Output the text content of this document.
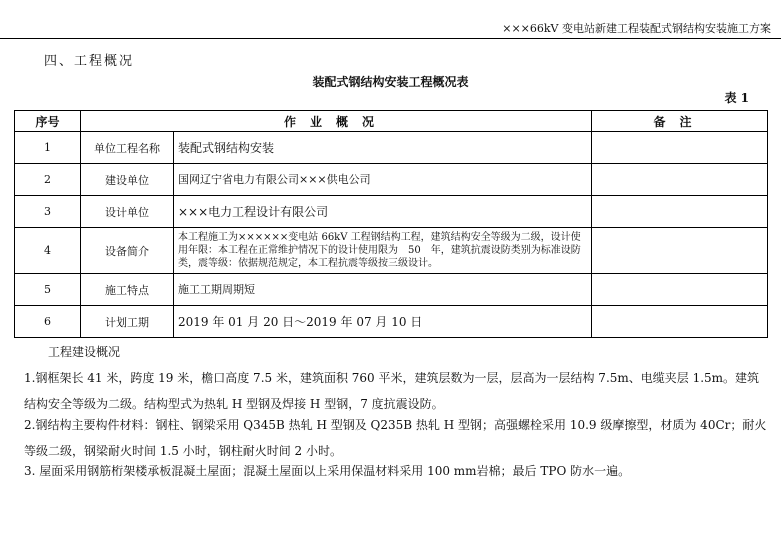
×××66kV 变电站新建工程装配式钢结构安装施工方案
四、工程概况
装配式钢结构安装工程概况表
表 1
序号	作业概况		备注
1	单位工程名称	装配式钢结构安装	
2	建设单位	国网辽宁省电力有限公司×××供电公司	
3	设计单位	×××电力工程设计有限公司	
4	设备简介	本工程施工为××××××变电站 66kV 工程钢结构工程，建筑结构安全等级为二级，设计使用年限：本工程在正常维护情况下的设计使用限为　50　年，建筑抗震设防类别为标准设防类，震等级：依据规范规定，本工程抗震等级按三级设计。	
5	施工特点	施工工期周期短	
6	计划工期	2019 年 01 月 20 日～2019 年 07 月 10 日	
工程建设概况
1.钢框架长 41 米，跨度 19 米，檐口高度 7.5 米，建筑面积 760 平米，建筑层数为一层，层高为一层结构 7.5m、电缆夹层 1.5m。建筑结构安全等级为二级。结构型式为热轧 H 型钢及焊接 H 型钢，7 度抗震设防。
2.钢结构主要构件材料：钢柱、钢梁采用 Q345B 热轧 H 型钢及 Q235B 热轧 H 型钢；高强螺栓采用 10.9 级摩擦型，材质为 40Cr；耐火等级二级，钢梁耐火时间 1.5 小时，钢柱耐火时间 2 小时。
3. 屋面采用钢筋桁架楼承板混凝土屋面；混凝土屋面以上采用保温材料采用 100 mm岩棉；最后 TPO 防水一遍。
